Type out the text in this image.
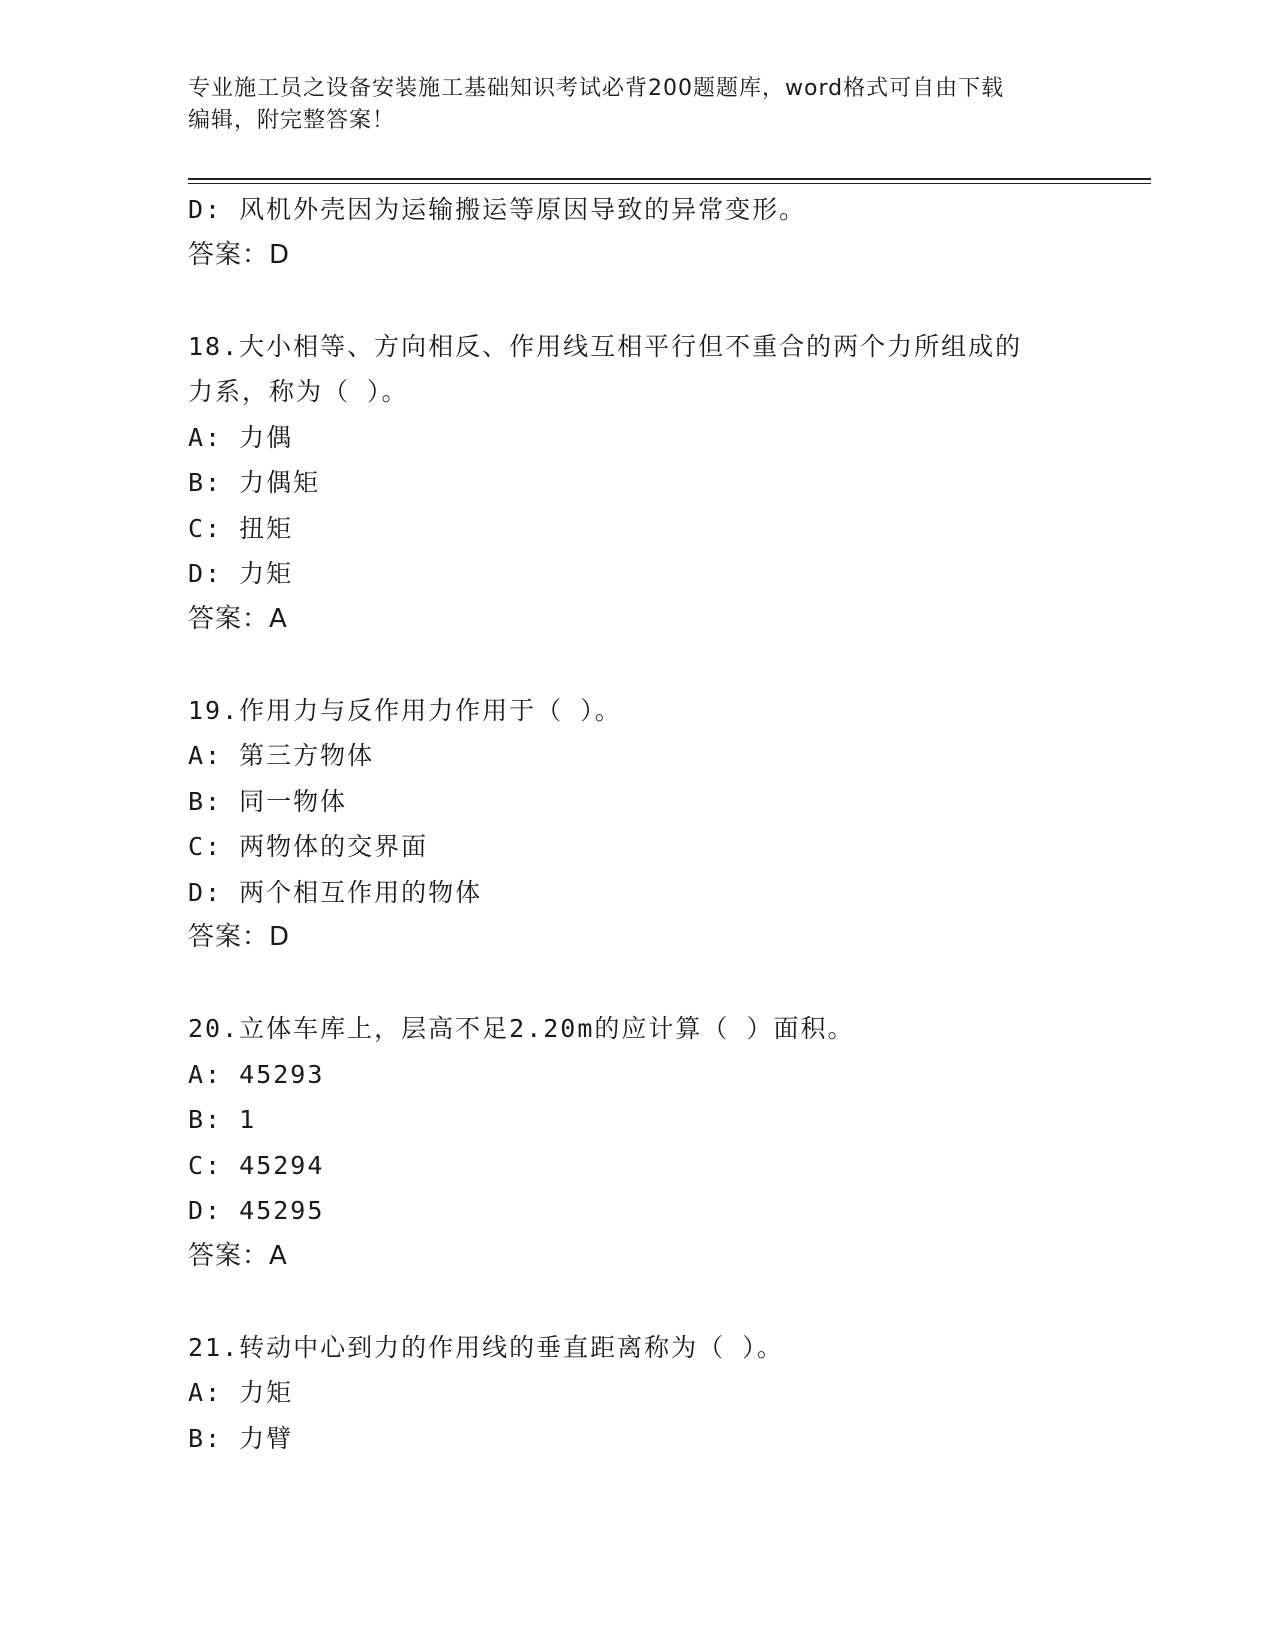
专业施工员之设备安装施工基础知识考试必背200题题库，word格式可自由下载
编辑，附完整答案！
D: 风机外壳因为运输搬运等原因导致的异常变形。
答案：D
18.大小相等、方向相反、作用线互相平行但不重合的两个力所组成的
力系，称为（ ）。
A: 力偶
B: 力偶矩
C: 扭矩
D: 力矩
答案：A
19.作用力与反作用力作用于（ ）。
A: 第三方物体
B: 同一物体
C: 两物体的交界面
D: 两个相互作用的物体
答案：D
20.立体车库上，层高不足2.20m的应计算（ ）面积。
A: 45293
B: 1
C: 45294
D: 45295
答案：A
21.转动中心到力的作用线的垂直距离称为（ ）。
A: 力矩
B: 力臂
